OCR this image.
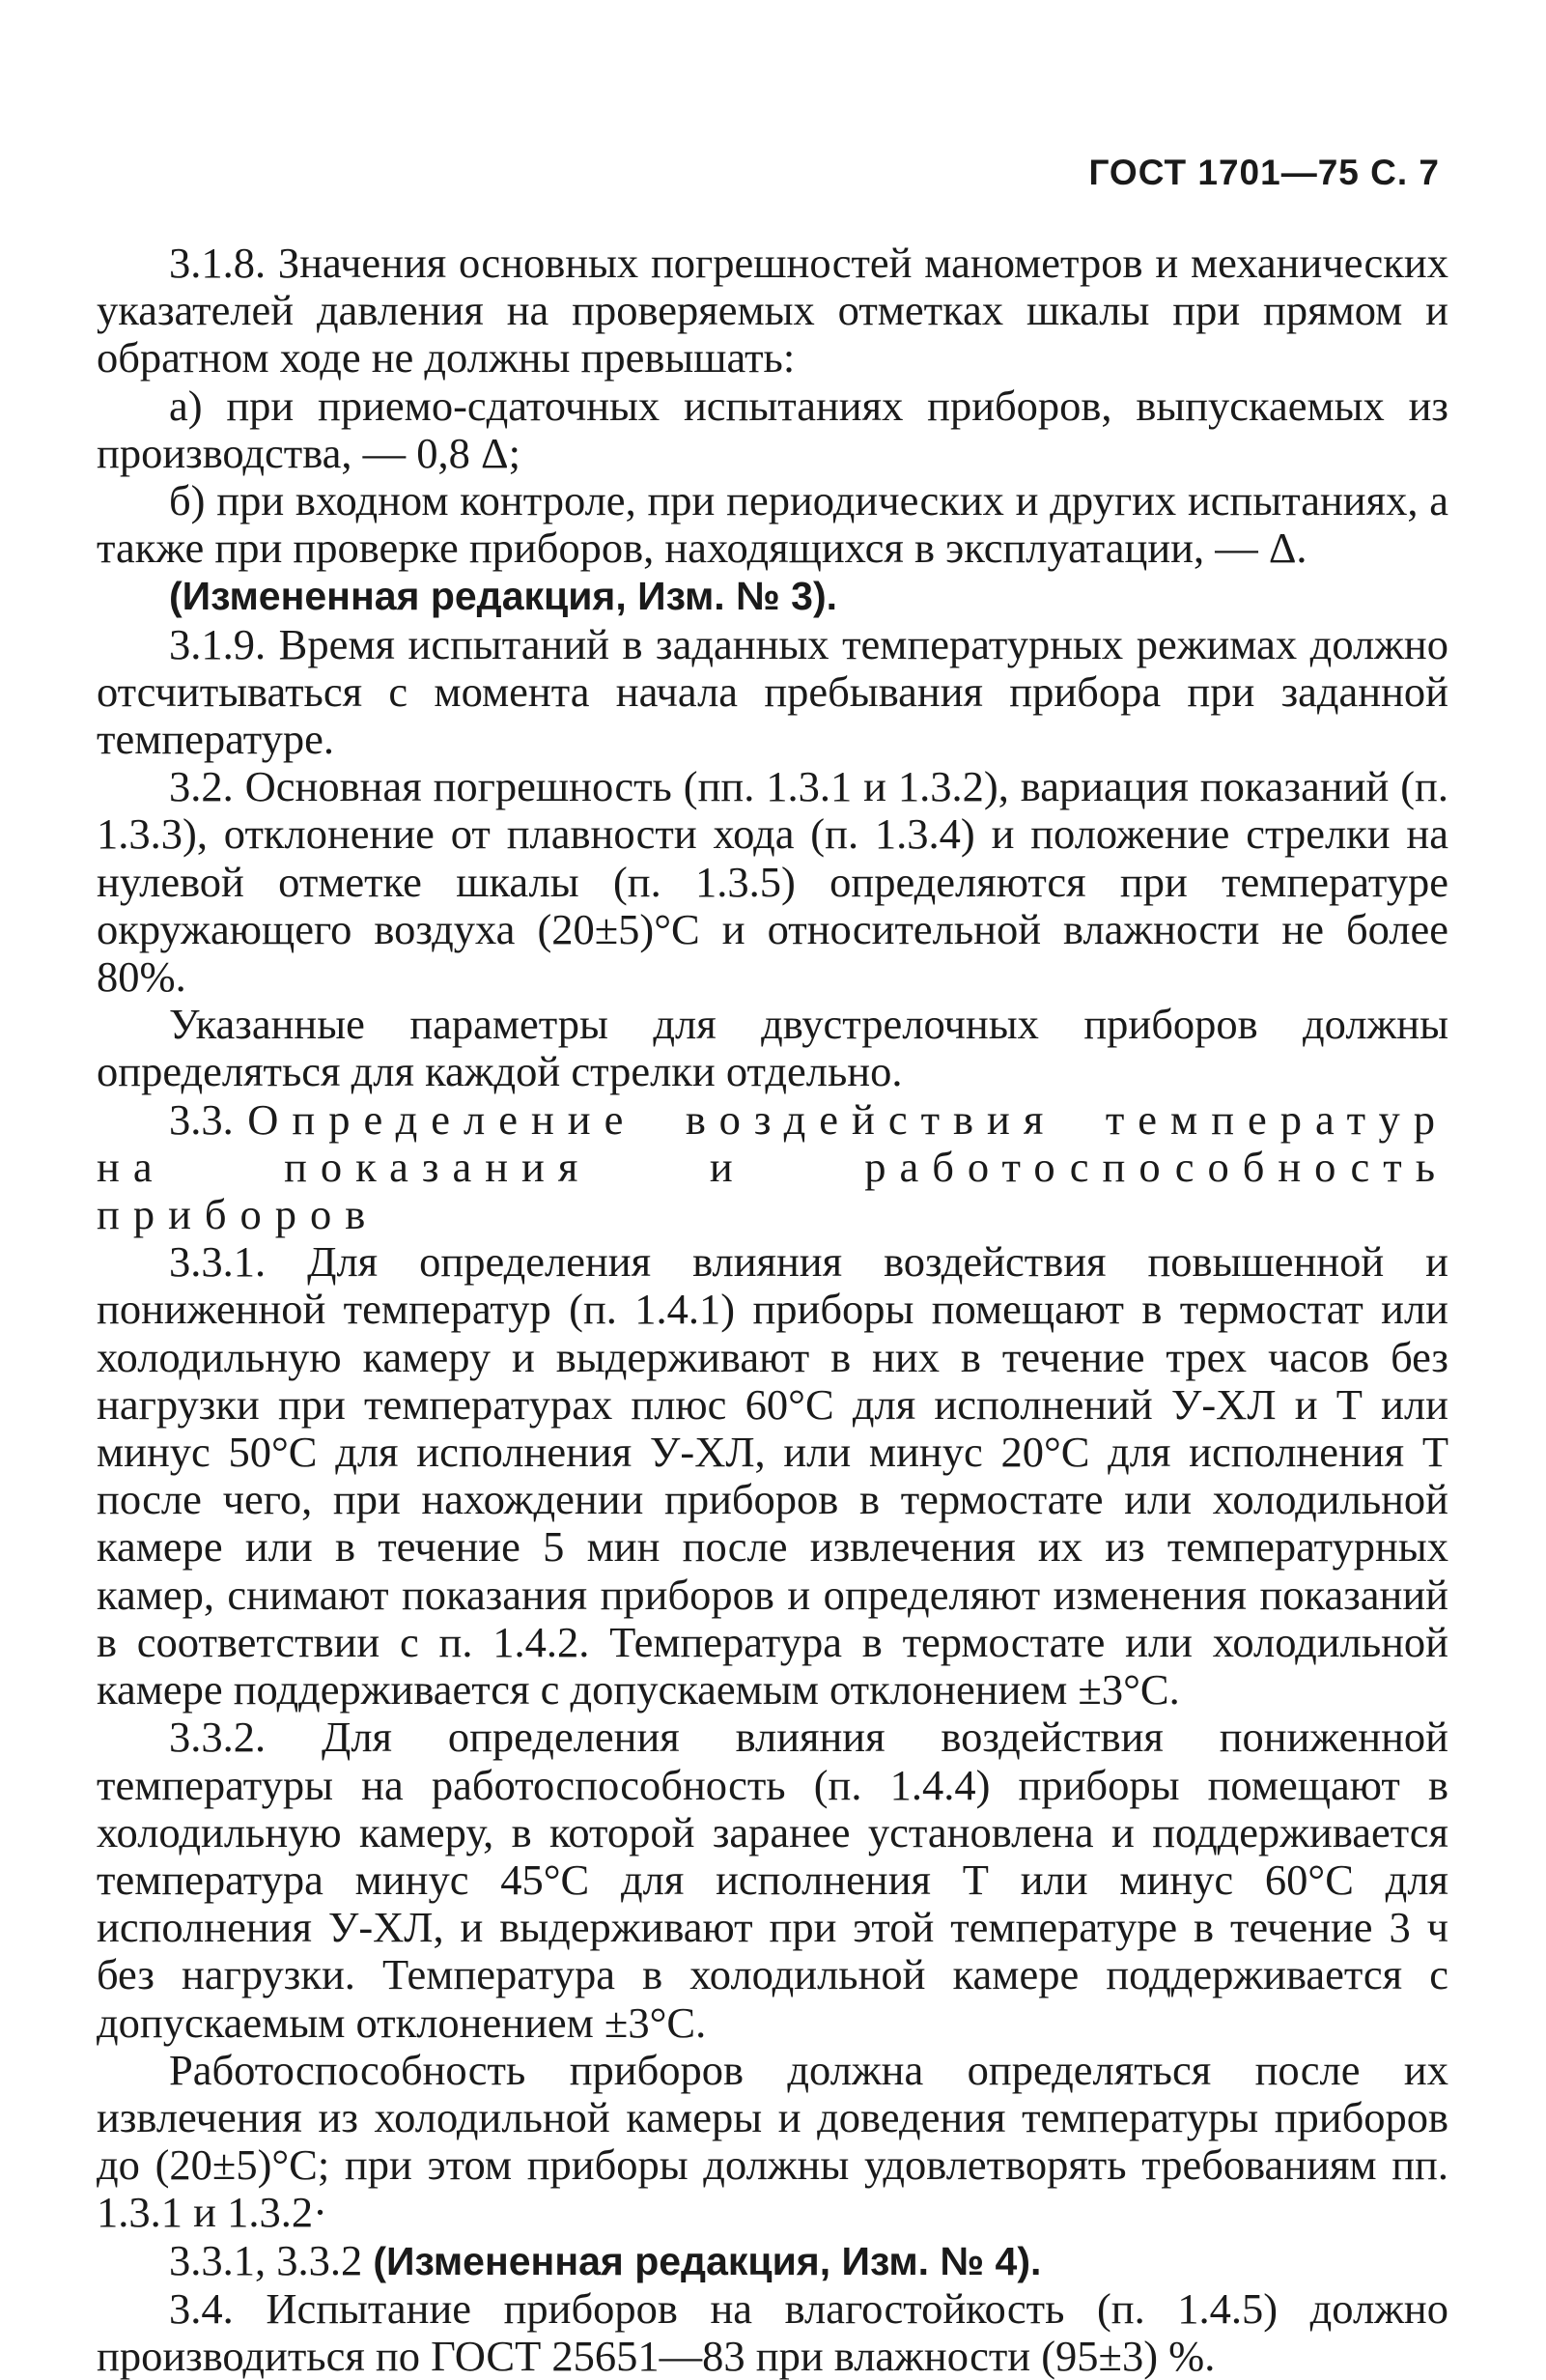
ГОСТ 1701—75 С. 7

3.1.8. Значения основных погрешностей манометров и механических указателей давления на проверяемых отметках шкалы при прямом и обратном ходе не должны превышать:

а) при приемо-сдаточных испытаниях приборов, выпускаемых из производства, — 0,8 Δ;

б) при входном контроле, при периодических и других испытаниях, а также при проверке приборов, находящихся в эксплуатации, — Δ.

(Измененная редакция, Изм. № 3).

3.1.9. Время испытаний в заданных температурных режимах должно отсчитываться с момента начала пребывания прибора при заданной температуре.

3.2. Основная погрешность (пп. 1.3.1 и 1.3.2), вариация показаний (п. 1.3.3), отклонение от плавности хода (п. 1.3.4) и положение стрелки на нулевой отметке шкалы (п. 1.3.5) определяются при температуре окружающего воздуха (20±5)°С и относительной влажности не более 80%.

Указанные параметры для двустрелочных приборов должны определяться для каждой стрелки отдельно.

3.3. Определение воздействия температур на показания и работоспособность приборов

3.3.1. Для определения влияния воздействия повышенной и пониженной температур (п. 1.4.1) приборы помещают в термостат или холодильную камеру и выдерживают в них в течение трех часов без нагрузки при температурах плюс 60°С для исполнений У-ХЛ и Т или минус 50°С для исполнения У-ХЛ, или минус 20°С для исполнения Т после чего, при нахождении приборов в термостате или холодильной камере или в течение 5 мин после извлечения их из температурных камер, снимают показания приборов и определяют изменения показаний в соответствии с п. 1.4.2. Температура в термостате или холодильной камере поддерживается с допускаемым отклонением ±3°С.

3.3.2. Для определения влияния воздействия пониженной температуры на работоспособность (п. 1.4.4) приборы помещают в холодильную камеру, в которой заранее установлена и поддерживается температура минус 45°С для исполнения Т или минус 60°С для исполнения У-ХЛ, и выдерживают при этой температуре в течение 3 ч без нагрузки. Температура в холодильной камере поддерживается с допускаемым отклонением ±3°С.

Работоспособность приборов должна определяться после их извлечения из холодильной камеры и доведения температуры приборов до (20±5)°С; при этом приборы должны удовлетворять требованиям пп. 1.3.1 и 1.3.2·

3.3.1, 3.3.2 (Измененная редакция, Изм. № 4).

3.4. Испытание приборов на влагостойкость (п. 1.4.5) должно производиться по ГОСТ 25651—83 при влажности (95±3) %.
